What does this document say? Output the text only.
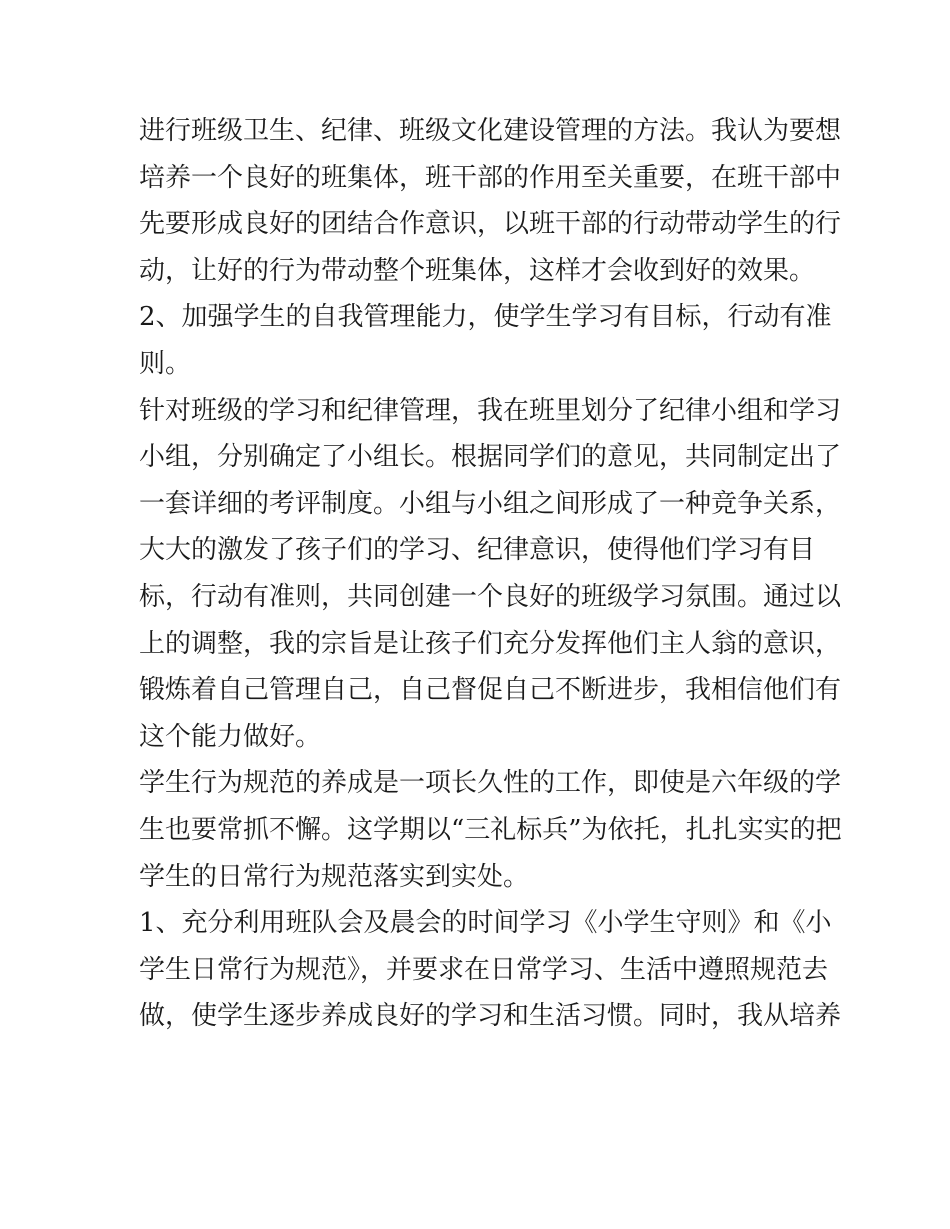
进行班级卫生、纪律、班级文化建设管理的方法。我认为要想
培养一个良好的班集体，班干部的作用至关重要，在班干部中
先要形成良好的团结合作意识，以班干部的行动带动学生的行
动，让好的行为带动整个班集体，这样才会收到好的效果。
2、加强学生的自我管理能力，使学生学习有目标，行动有准
则。
针对班级的学习和纪律管理，我在班里划分了纪律小组和学习
小组，分别确定了小组长。根据同学们的意见，共同制定出了
一套详细的考评制度。小组与小组之间形成了一种竞争关系，
大大的激发了孩子们的学习、纪律意识，使得他们学习有目
标，行动有准则，共同创建一个良好的班级学习氛围。通过以
上的调整，我的宗旨是让孩子们充分发挥他们主人翁的意识，
锻炼着自己管理自己，自己督促自己不断进步，我相信他们有
这个能力做好。
学生行为规范的养成是一项长久性的工作，即使是六年级的学
生也要常抓不懈。这学期以“三礼标兵”为依托，扎扎实实的把
学生的日常行为规范落实到实处。
1、充分利用班队会及晨会的时间学习《小学生守则》和《小
学生日常行为规范》，并要求在日常学习、生活中遵照规范去
做，使学生逐步养成良好的学习和生活习惯。同时，我从培养
